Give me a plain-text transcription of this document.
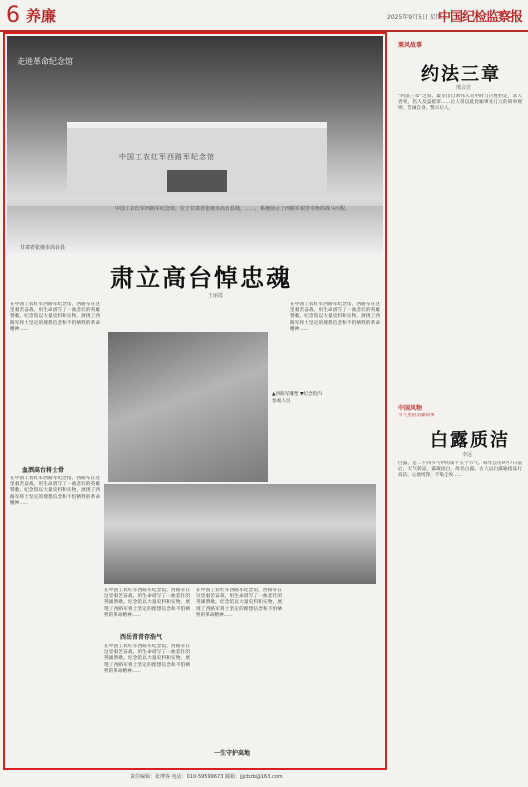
6 养廉	2025年9月5日 星期五
中国纪检监察报
中国工农红军西路军纪念馆
走进革命纪念馆
中国工农红军西路军纪念馆，位于甘肃省张掖市高台县城，……，系统展示了西路军艰苦卓绝的战斗历程。
甘肃省张掖市高台县
肃立高台悼忠魂
王丽霞
在中国工农红军西路军纪念馆，西路军在这里艰苦奋战，用生命谱写了一曲悲壮的英雄赞歌。纪念馆以大量史料和实物，展现了西路军将士坚定的理想信念和不怕牺牲的革命精神……
血洒高台将士骨
在中国工农红军西路军纪念馆，西路军在这里艰苦奋战，用生命谱写了一曲悲壮的英雄赞歌。纪念馆以大量史料和实物，展现了西路军将士坚定的理想信念和不怕牺牲的革命精神……
▲西路军雕塑 ▼纪念馆内参观人员
在中国工农红军西路军纪念馆，西路军在这里艰苦奋战，用生命谱写了一曲悲壮的英雄赞歌。纪念馆以大量史料和实物，展现了西路军将士坚定的理想信念和不怕牺牲的革命精神……
在中国工农红军西路军纪念馆，西路军在这里艰苦奋战，用生命谱写了一曲悲壮的英雄赞歌。纪念馆以大量史料和实物，展现了西路军将士坚定的理想信念和不怕牺牲的革命精神……
西岳青青存浩气
在中国工农红军西路军纪念馆，西路军在这里艰苦奋战，用生命谱写了一曲悲壮的英雄赞歌。纪念馆以大量史料和实物，展现了西路军将士坚定的理想信念和不怕牺牲的革命精神……
在中国工农红军西路军纪念馆，西路军在这里艰苦奋战，用生命谱写了一曲悲壮的英雄赞歌。纪念馆以大量史料和实物，展现了西路军将士坚定的理想信念和不怕牺牲的革命精神……
一生守护高地
莱风故事
约法三章
邢会芳
“约法三章”之说，最早出自刘邦入关中时与百姓约定，杀人者死，伤人及盗抵罪……后人常以此比喻事先订立的简单规则，告诫自身，警示后人。
中国风物
节气里的清廉故事
白露质洁
李远
白露，是二十四节气中的第十五个节气。每年公历9月7日前后，天气转凉，露凝而白，故名白露。古人以白露喻指品行高洁，心地纯净，不染尘埃……
责任编辑：张博客 电话：010-59599673 邮箱：jjjcbzb@163.com
